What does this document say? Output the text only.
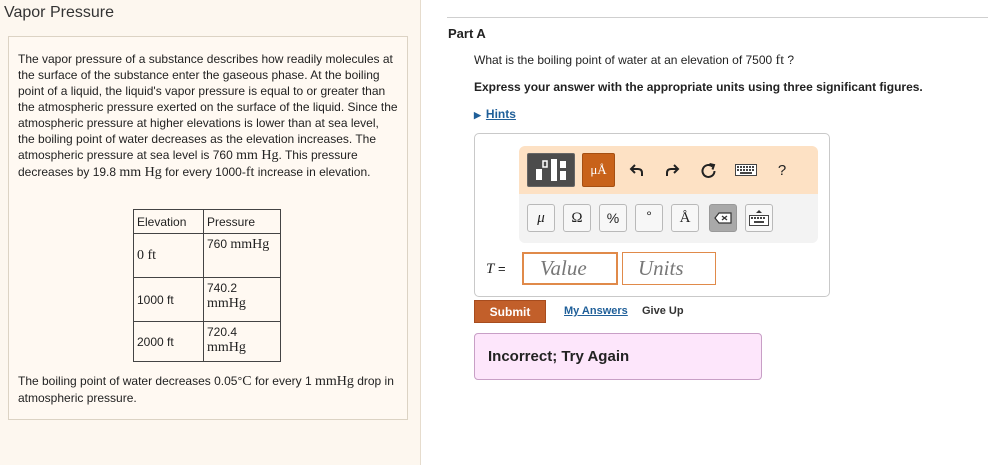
Vapor Pressure
The vapor pressure of a substance describes how readily molecules at the surface of the substance enter the gaseous phase. At the boiling point of a liquid, the liquid's vapor pressure is equal to or greater than the atmospheric pressure exerted on the surface of the liquid. Since the atmospheric pressure at higher elevations is lower than at sea level, the boiling point of water decreases as the elevation increases. The atmospheric pressure at sea level is 760 mm Hg. This pressure decreases by 19.8 mm Hg for every 1000-ft increase in elevation.
Elevation	Pressure
0 ft	760 mmHg
1000 ft	740.2
mmHg
2000 ft	720.4
mmHg
The boiling point of water decreases 0.05°C for every 1 mmHg drop in atmospheric pressure.
Part A
What is the boiling point of water at an elevation of 7500 ft ?
Express your answer with the appropriate units using three significant figures.
▶ Hints
μÅ	?
μ	Ω	%	°	Å
T =
Value
Units
Submit	My Answers Give Up
Incorrect; Try Again
